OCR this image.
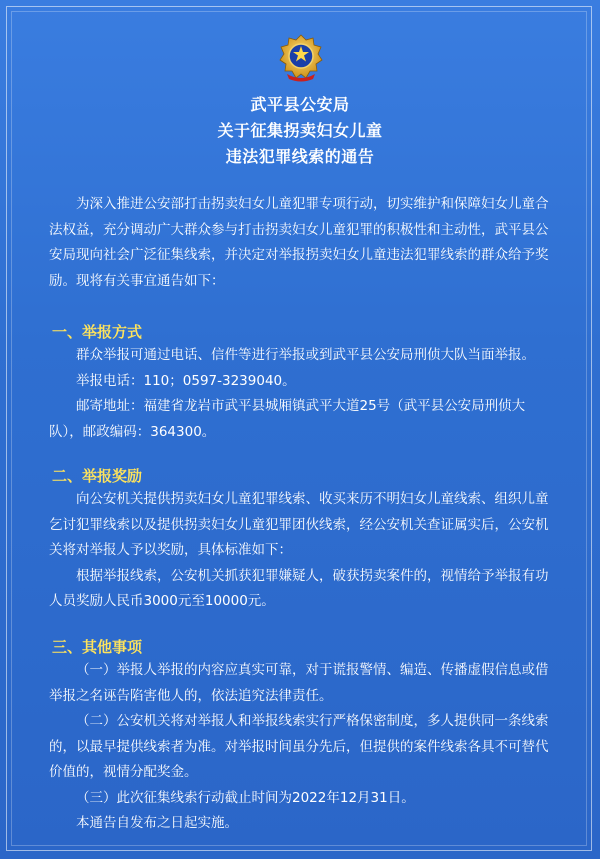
武平县公安局
关于征集拐卖妇女儿童
违法犯罪线索的通告

为深入推进公安部打击拐卖妇女儿童犯罪专项行动，切实维护和保障妇女儿童合法权益，充分调动广大群众参与打击拐卖妇女儿童犯罪的积极性和主动性，武平县公安局现向社会广泛征集线索，并决定对举报拐卖妇女儿童违法犯罪线索的群众给予奖励。现将有关事宜通告如下：

一、举报方式

群众举报可通过电话、信件等进行举报或到武平县公安局刑侦大队当面举报。

举报电话：110；0597-3239040。

邮寄地址：福建省龙岩市武平县城厢镇武平大道25号（武平县公安局刑侦大队），邮政编码：364300。

二、举报奖励

向公安机关提供拐卖妇女儿童犯罪线索、收买来历不明妇女儿童线索、组织儿童乞讨犯罪线索以及提供拐卖妇女儿童犯罪团伙线索，经公安机关查证属实后，公安机关将对举报人予以奖励，具体标准如下：

根据举报线索，公安机关抓获犯罪嫌疑人，破获拐卖案件的，视情给予举报有功人员奖励人民币3000元至10000元。

三、其他事项

（一）举报人举报的内容应真实可靠，对于谎报警情、编造、传播虚假信息或借举报之名诬告陷害他人的，依法追究法律责任。

（二）公安机关将对举报人和举报线索实行严格保密制度，多人提供同一条线索的，以最早提供线索者为准。对举报时间虽分先后，但提供的案件线索各具不可替代价值的，视情分配奖金。

（三）此次征集线索行动截止时间为2022年12月31日。

本通告自发布之日起实施。
